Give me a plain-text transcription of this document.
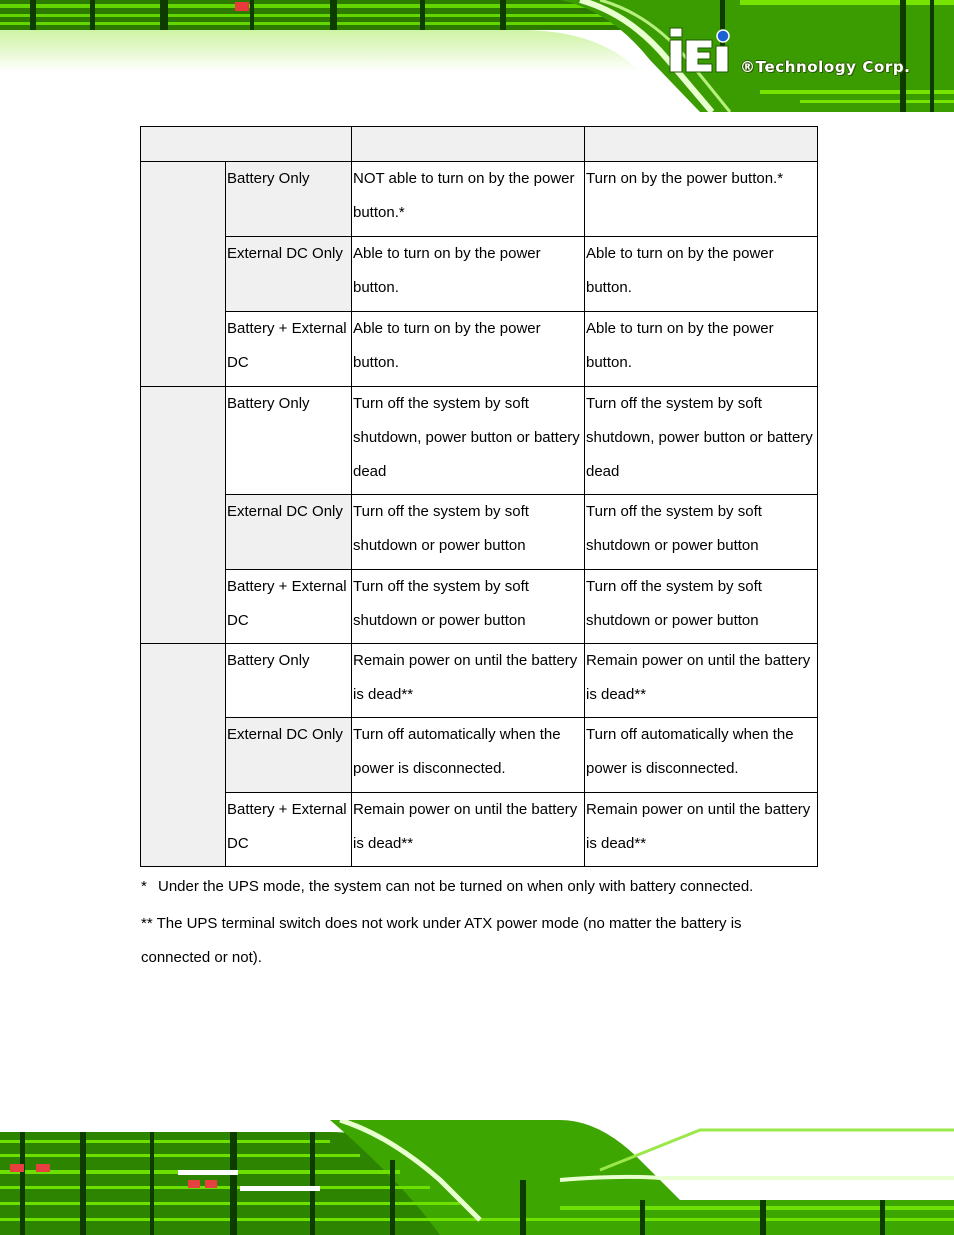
®Technology Corp.

	Battery Only	NOT able to turn on by the power button.*	Turn on by the power button.*
	External DC Only	Able to turn on by the power button.	Able to turn on by the power button.
	Battery + External DC	Able to turn on by the power button.	Able to turn on by the power button.
	Battery Only	Turn off the system by soft shutdown, power button or battery dead	Turn off the system by soft shutdown, power button or battery dead
	External DC Only	Turn off the system by soft shutdown or power button	Turn off the system by soft shutdown or power button
	Battery + External DC	Turn off the system by soft shutdown or power button	Turn off the system by soft shutdown or power button
	Battery Only	Remain power on until the battery is dead**	Remain power on until the battery is dead**
	External DC Only	Turn off automatically when the power is disconnected.	Turn off automatically when the power is disconnected.
	Battery + External DC	Remain power on until the battery is dead**	Remain power on until the battery is dead**
* Under the UPS mode, the system can not be turned on when only with battery connected.
** The UPS terminal switch does not work under ATX power mode (no matter the battery is connected or not).
